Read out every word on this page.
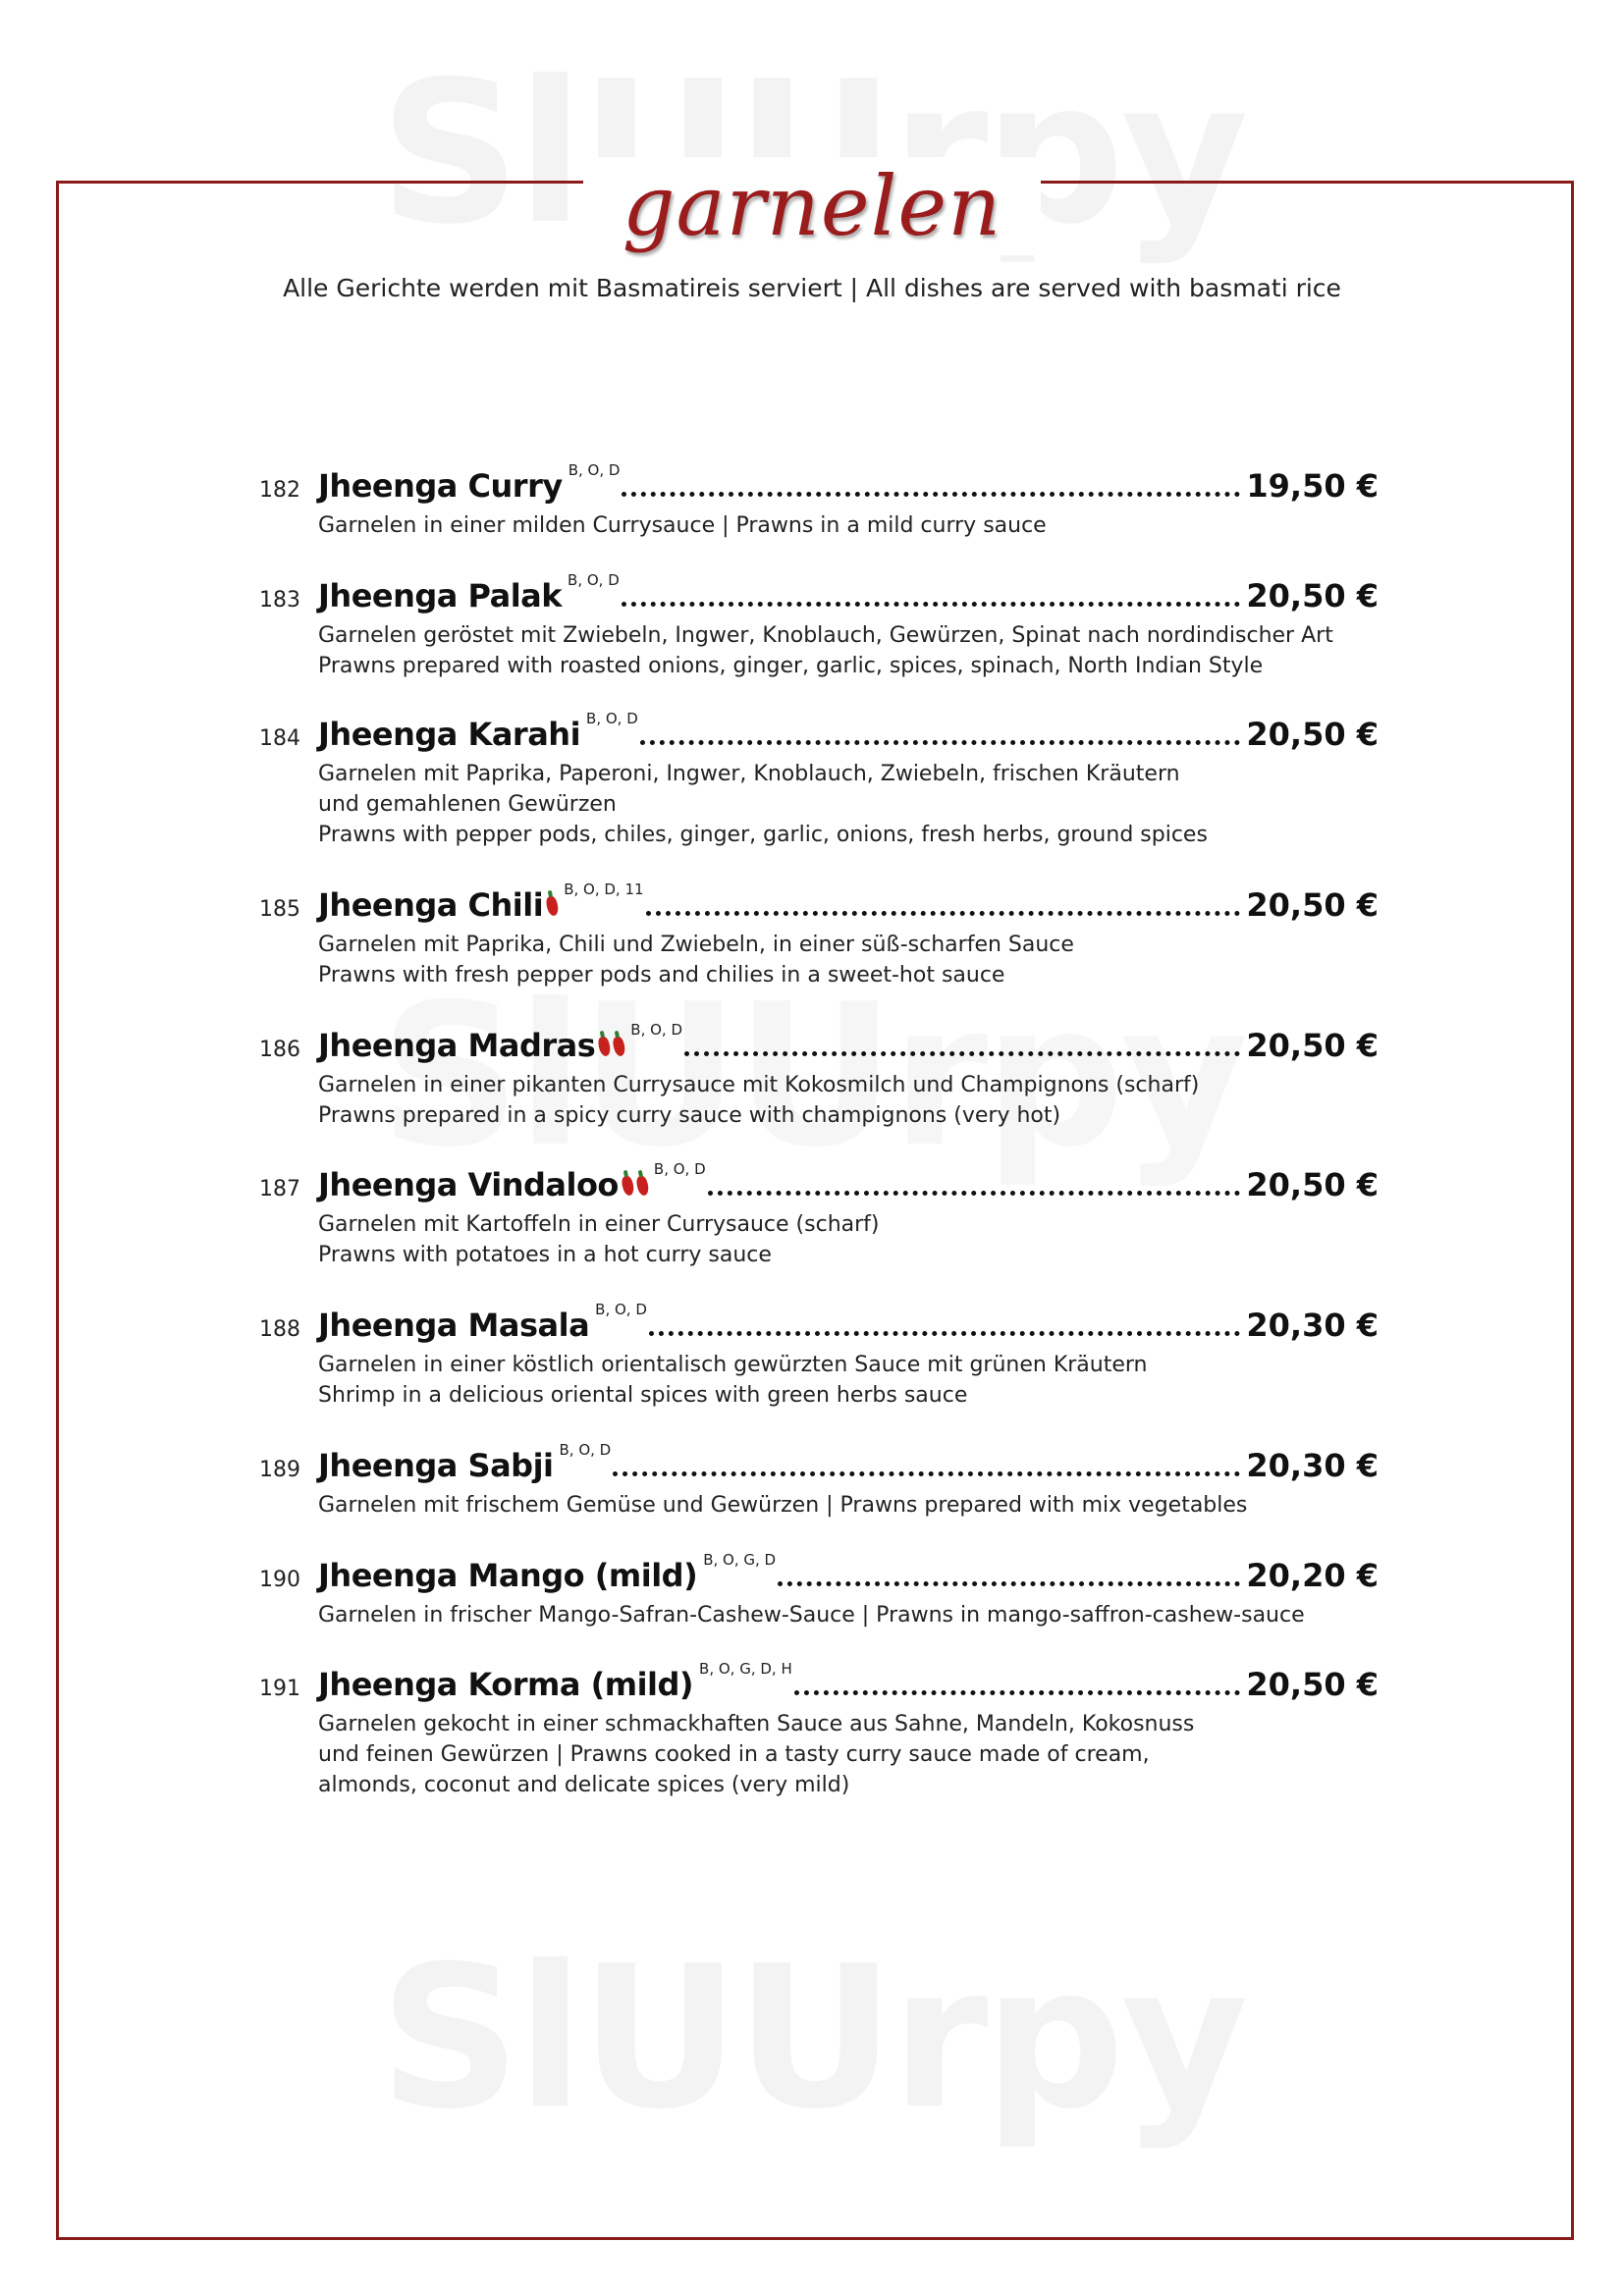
garnelen
Alle Gerichte werden mit Basmatireis serviert | All dishes are served with basmati rice
182 Jheenga Curry B, O, D	19,50 €
Garnelen in einer milden Currysauce | Prawns in a mild curry sauce
183 Jheenga Palak B, O, D	20,50 €
Garnelen geröstet mit Zwiebeln, Ingwer, Knoblauch, Gewürzen, Spinat nach nordindischer Art
Prawns prepared with roasted onions, ginger, garlic, spices, spinach, North Indian Style
184 Jheenga Karahi B, O, D	20,50 €
Garnelen mit Paprika, Paperoni, Ingwer, Knoblauch, Zwiebeln, frischen Kräutern
und gemahlenen Gewürzen
Prawns with pepper pods, chiles, ginger, garlic, onions, fresh herbs, ground spices
185 Jheenga Chili B, O, D, 11	20,50 €
Garnelen mit Paprika, Chili und Zwiebeln, in einer süß-scharfen Sauce
Prawns with fresh pepper pods and chilies in a sweet-hot sauce
186 Jheenga Madras B, O, D	20,50 €
Garnelen in einer pikanten Currysauce mit Kokosmilch und Champignons (scharf)
Prawns prepared in a spicy curry sauce with champignons (very hot)
187 Jheenga Vindaloo B, O, D	20,50 €
Garnelen mit Kartoffeln in einer Currysauce (scharf)
Prawns with potatoes in a hot curry sauce
188 Jheenga Masala B, O, D	20,30 €
Garnelen in einer köstlich orientalisch gewürzten Sauce mit grünen Kräutern
Shrimp in a delicious oriental spices with green herbs sauce
189 Jheenga Sabji B, O, D	20,30 €
Garnelen mit frischem Gemüse und Gewürzen | Prawns prepared with mix vegetables
190 Jheenga Mango (mild) B, O, G, D	20,20 €
Garnelen in frischer Mango-Safran-Cashew-Sauce | Prawns in mango-saffron-cashew-sauce
191 Jheenga Korma (mild) B, O, G, D, H	20,50 €
Garnelen gekocht in einer schmackhaften Sauce aus Sahne, Mandeln, Kokosnuss
und feinen Gewürzen | Prawns cooked in a tasty curry sauce made of cream,
almonds, coconut and delicate spices (very mild)
